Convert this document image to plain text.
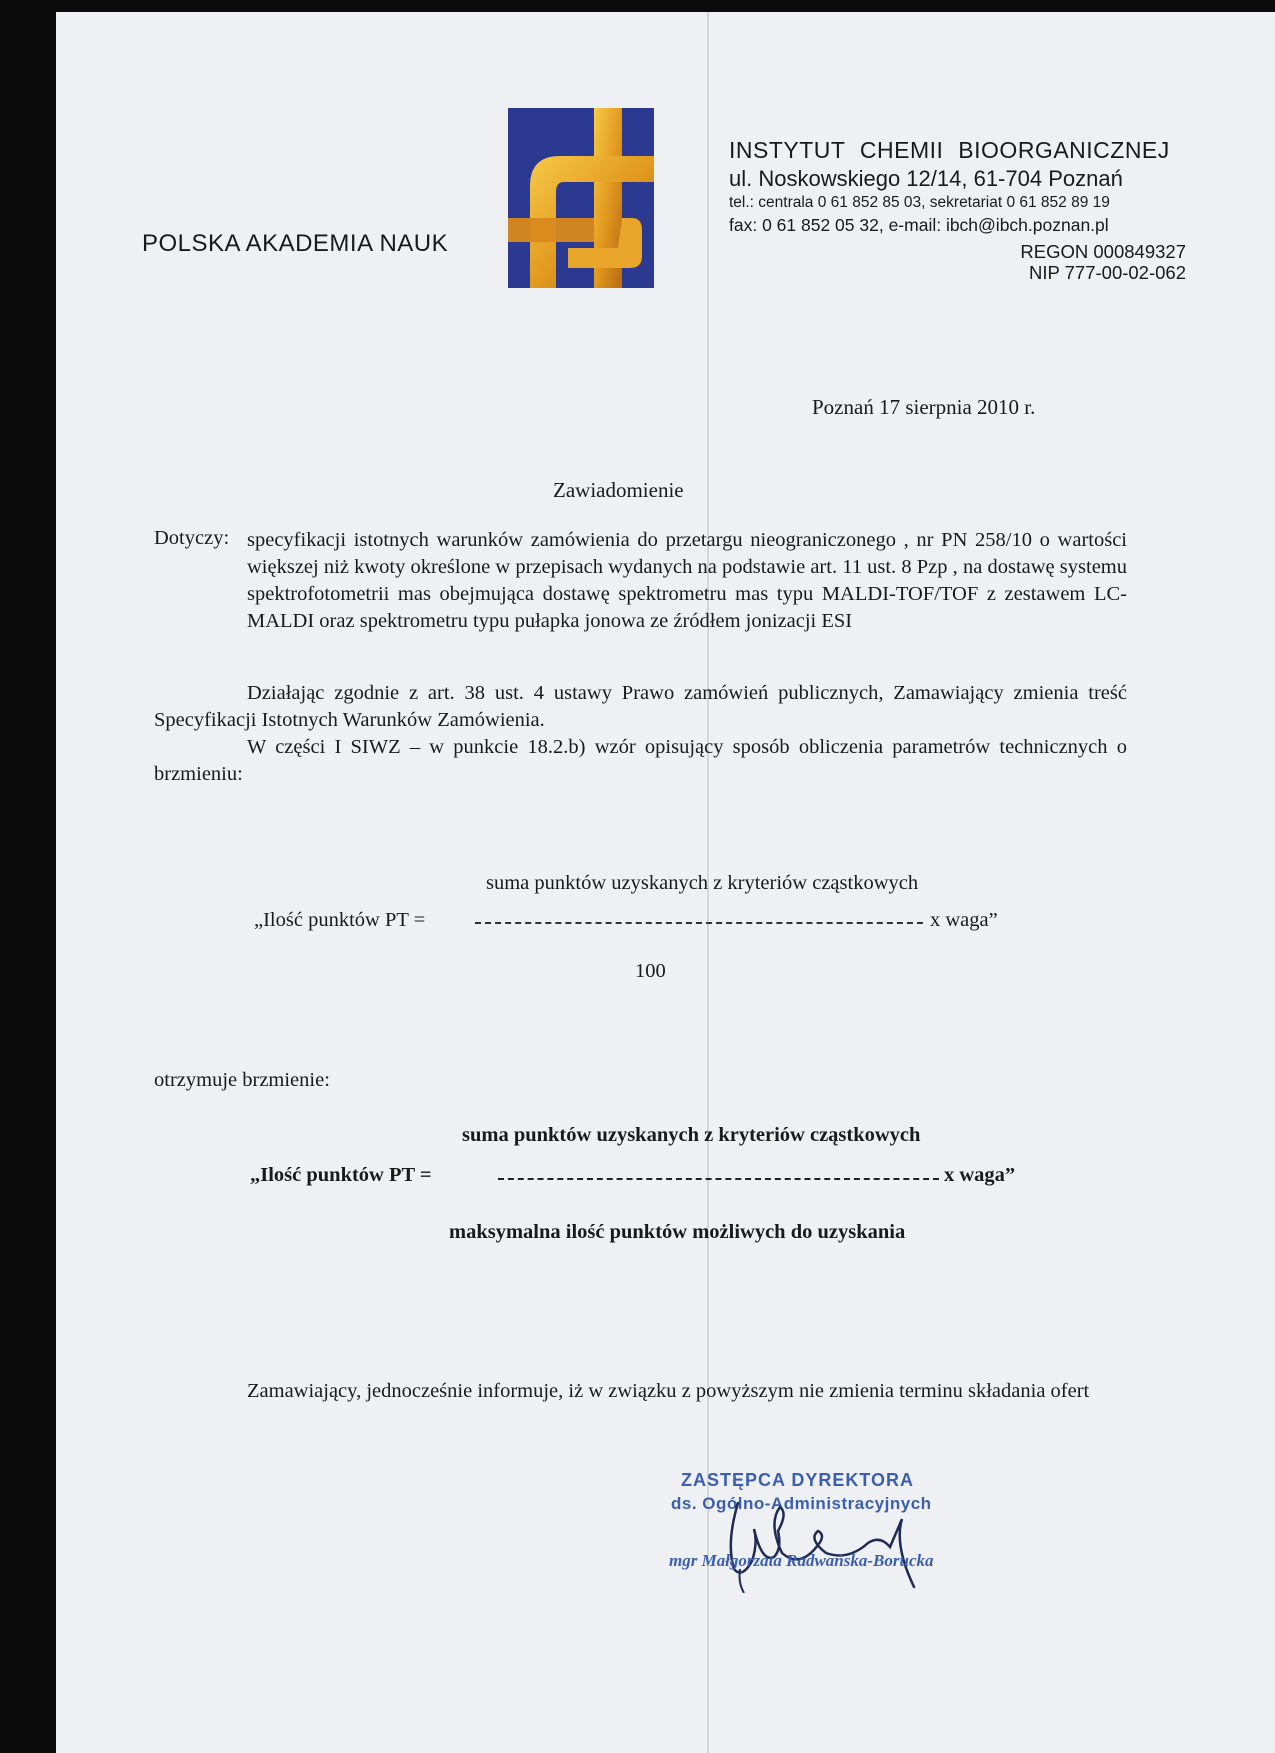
POLSKA AKADEMIA NAUK
INSTYTUT CHEMII BIOORGANICZNEJ
ul. Noskowskiego 12/14, 61-704 Poznań
tel.: centrala 0 61 852 85 03, sekretariat 0 61 852 89 19
fax: 0 61 852 05 32, e-mail: ibch@ibch.poznan.pl
REGON 000849327
NIP 777-00-02-062
Poznań 17 sierpnia 2010 r.
Zawiadomienie
Dotyczy: specyfikacji istotnych warunków zamówienia do przetargu nieograniczonego , nr PN 258/10 o wartości większej niż kwoty określone w przepisach wydanych na podstawie art. 11 ust. 8 Pzp , na dostawę systemu spektrofotometrii mas obejmująca dostawę spektrometru mas typu MALDI-TOF/TOF z zestawem LC-MALDI oraz spektrometru typu pułapka jonowa ze źródłem jonizacji ESI
Działając zgodnie z art. 38 ust. 4 ustawy Prawo zamówień publicznych, Zamawiający zmienia treść Specyfikacji Istotnych Warunków Zamówienia.
W części I SIWZ – w punkcie 18.2.b) wzór opisujący sposób obliczenia parametrów technicznych o brzmieniu:
suma punktów uzyskanych z kryteriów cząstkowych
„Ilość punktów PT =	x waga”
100
otrzymuje brzmienie:
suma punktów uzyskanych z kryteriów cząstkowych
„Ilość punktów PT =	x waga”
maksymalna ilość punktów możliwych do uzyskania
Zamawiający, jednocześnie informuje, iż w związku z powyższym nie zmienia terminu składania ofert
ZASTĘPCA DYREKTORA
ds. Ogólno-Administracyjnych
mgr Małgorzata Radwańska-Borucka
